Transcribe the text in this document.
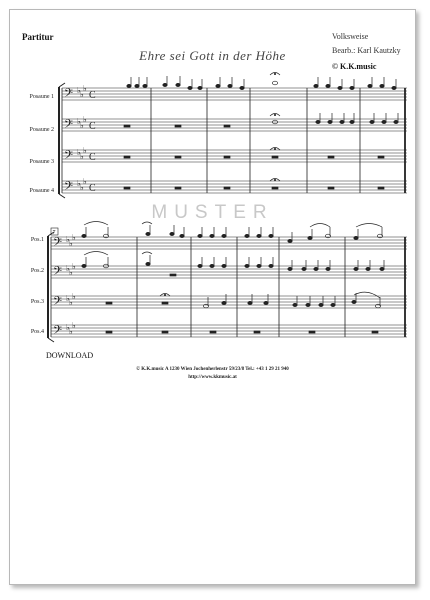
Partitur
Ehre sei Gott in der Höhe
Volksweise
Bearb.: Karl Kautzky
© K.K.music
Posaune 1
Posaune 2
Posaune 3
Posaune 4
MUSTER
Pos.1
Pos.2
Pos.3
Pos.4
𝄢
𝄢
𝄢
𝄢
♭ ♭
♭
♭ ♭
♭
♭ ♭
♭
♭ ♭
♭
C
C
C
C
7
𝄢
𝄢
𝄢
𝄢
♭ ♭
♭
♭ ♭
♭
♭ ♭
♭
♭ ♭
♭
DOWNLOAD
© K.K.music A 1230 Wien Jochenherlenstr 59/23/8 Tel.: +43 1 29 21 940
http://www.kkmusic.at
